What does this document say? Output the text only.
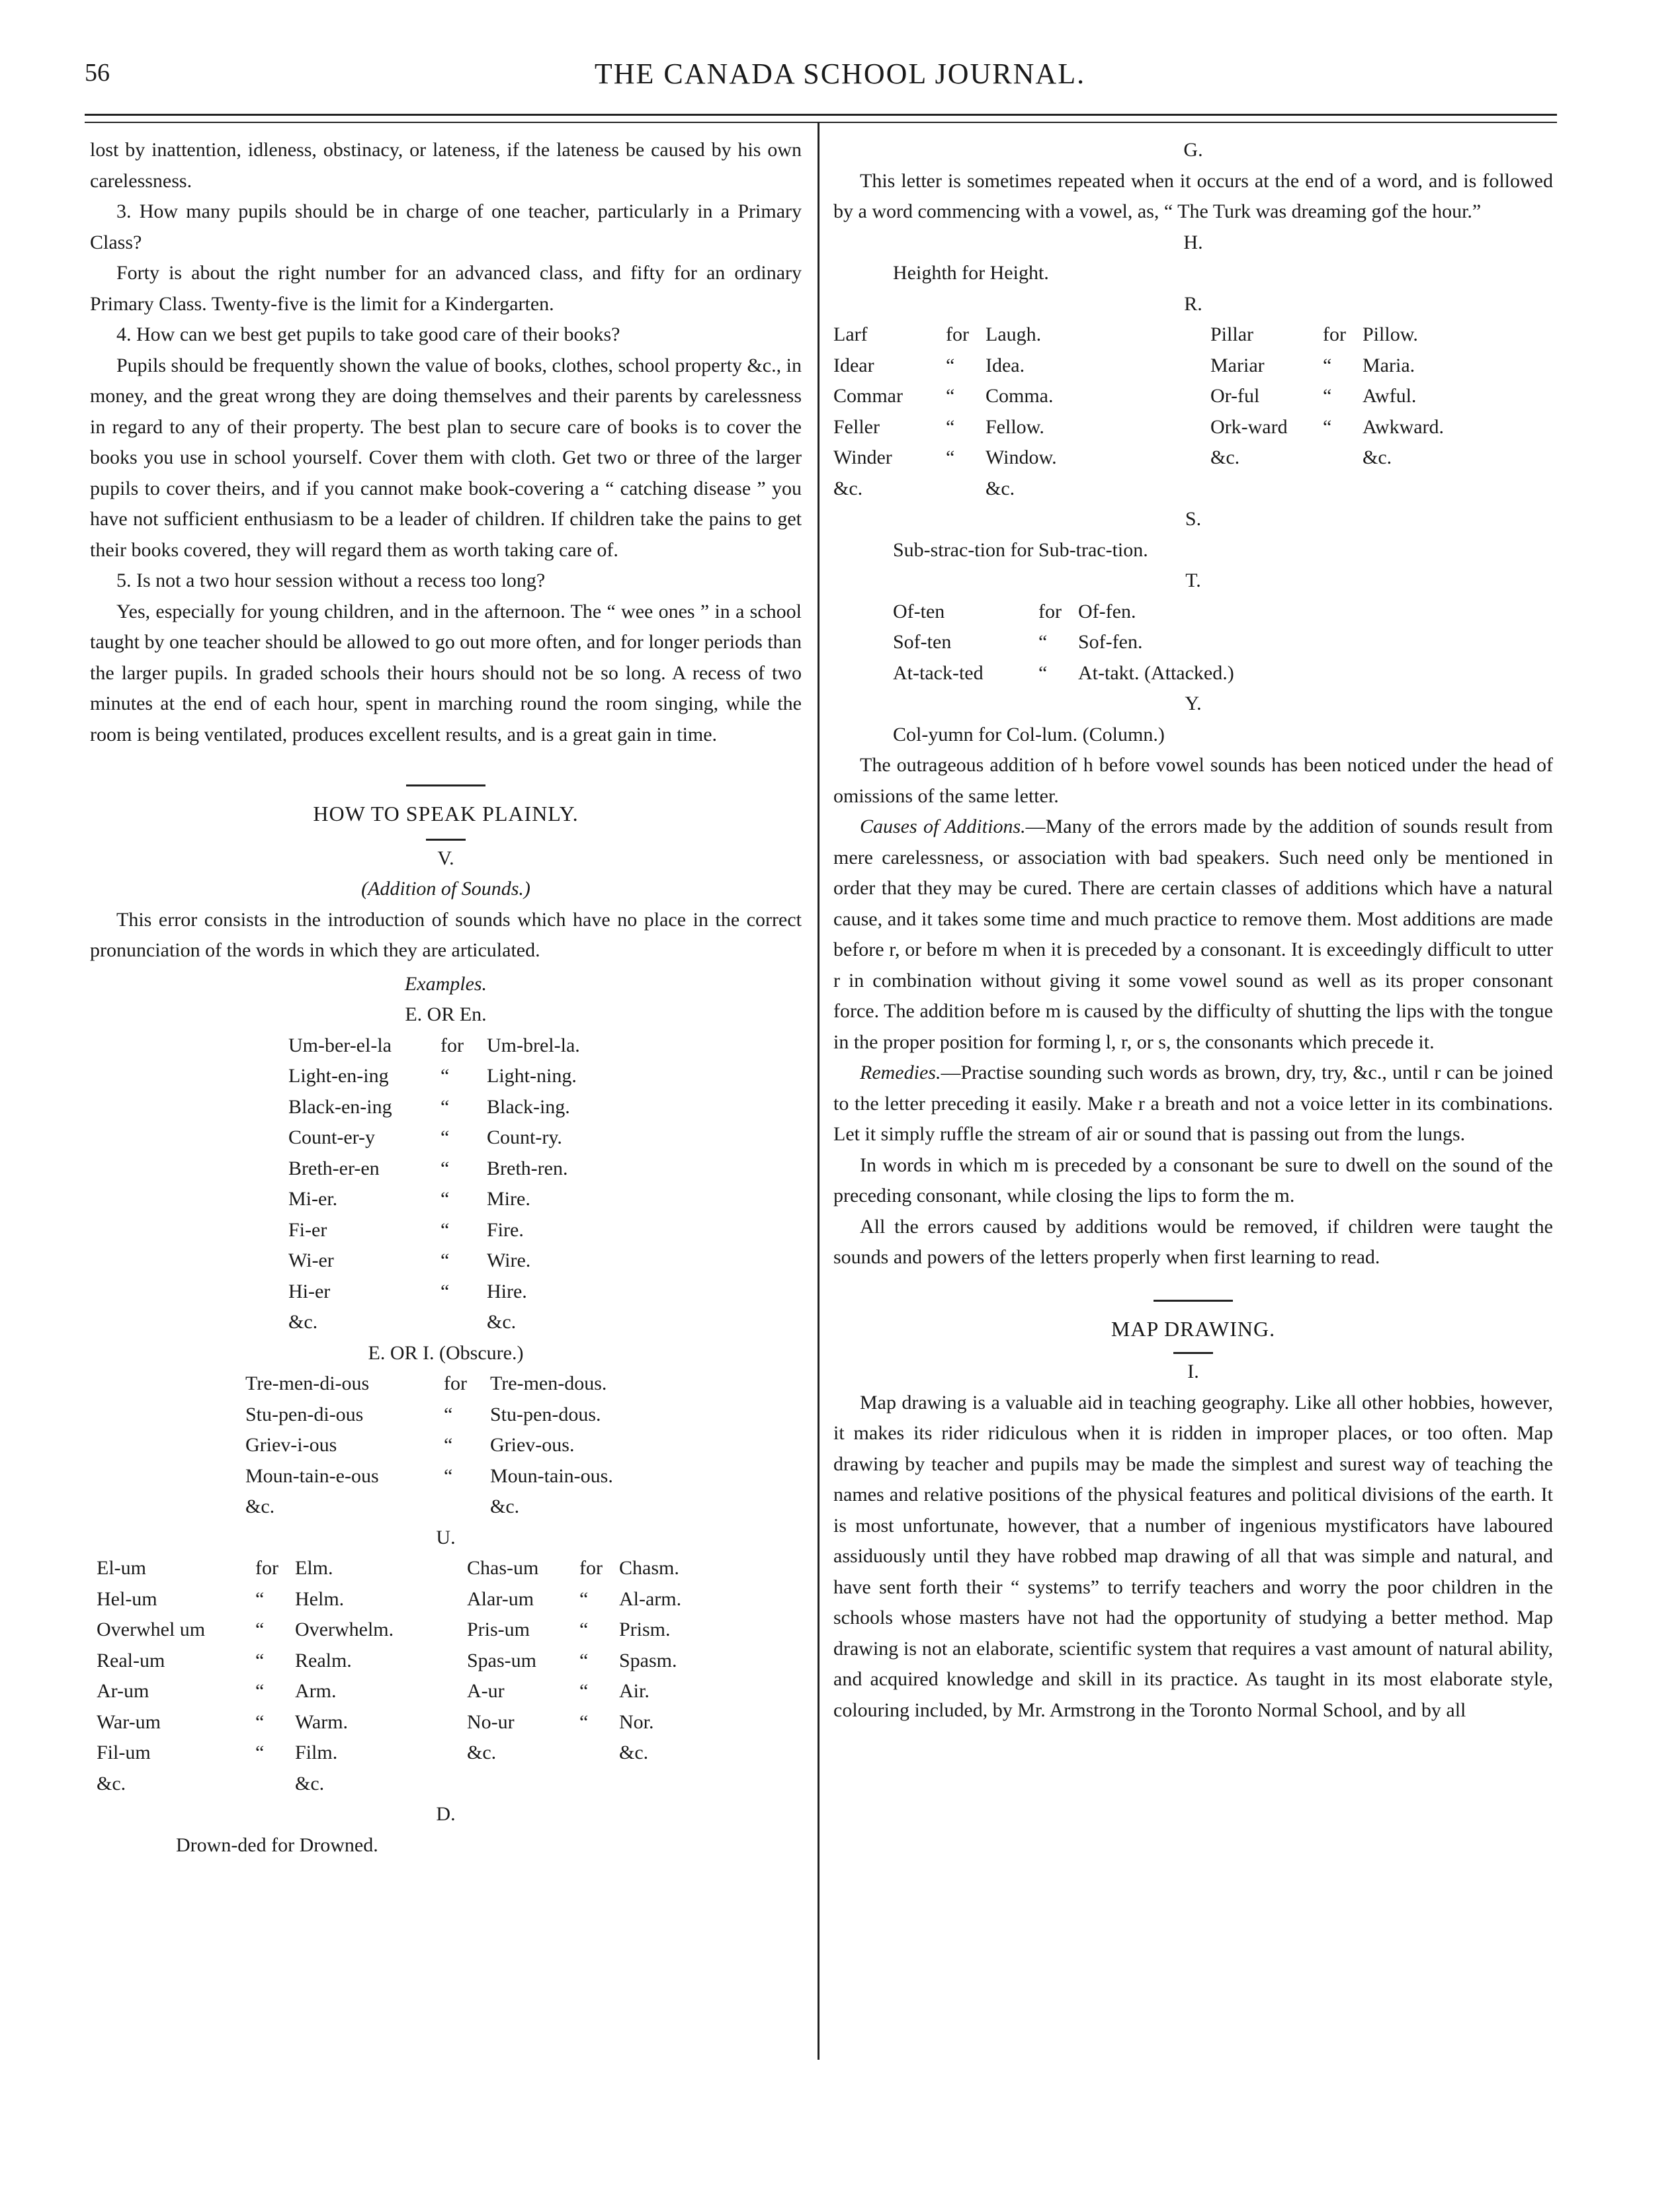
56	THE CANADA SCHOOL JOURNAL.

lost by inattention, idleness, obstinacy, or lateness, if the lateness be caused by his own carelessness.

3. How many pupils should be in charge of one teacher, particularly in a Primary Class?

Forty is about the right number for an advanced class, and fifty for an ordinary Primary Class. Twenty-five is the limit for a Kindergarten.

4. How can we best get pupils to take good care of their books?

Pupils should be frequently shown the value of books, clothes, school property &c., in money, and the great wrong they are doing themselves and their parents by carelessness in regard to any of their property. The best plan to secure care of books is to cover the books you use in school yourself. Cover them with cloth. Get two or three of the larger pupils to cover theirs, and if you cannot make book-covering a “ catching disease ” you have not sufficient enthusiasm to be a leader of children. If children take the pains to get their books covered, they will regard them as worth taking care of.

5. Is not a two hour session without a recess too long?

Yes, especially for young children, and in the afternoon. The “ wee ones ” in a school taught by one teacher should be allowed to go out more often, and for longer periods than the larger pupils. In graded schools their hours should not be so long. A recess of two minutes at the end of each hour, spent in marching round the room singing, while the room is being ventilated, produces excellent results, and is a great gain in time.

HOW TO SPEAK PLAINLY.
V.
(Addition of Sounds.)

This error consists in the introduction of sounds which have no place in the correct pronunciation of the words in which they are articulated.

Examples.
E. OR En.
Um-ber-el-la	for	Um-brel-la.
Light-en-ing	“	Light-ning.
Black-en-ing	“	Black-ing.
Count-er-y	“	Count-ry.
Breth-er-en	“	Breth-ren.
Mi-er.	“	Mire.
Fi-er	“	Fire.
Wi-er	“	Wire.
Hi-er	“	Hire.
&c.		&c.
E. OR I. (Obscure.)
Tre-men-di-ous	for	Tre-men-dous.
Stu-pen-di-ous	“	Stu-pen-dous.
Griev-i-ous	“	Griev-ous.
Moun-tain-e-ous	“	Moun-tain-ous.
&c.		&c.
U.
El-um	for	Elm.	Chas-um	for	Chasm.
Hel-um	“	Helm.	Alar-um	“	Al-arm.
Overwhel um	“	Overwhelm.	Pris-um	“	Prism.
Real-um	“	Realm.	Spas-um	“	Spasm.
Ar-um	“	Arm.	A-ur	“	Air.
War-um	“	Warm.	No-ur	“	Nor.
Fil-um	“	Film.	&c.		&c.
&c.		&c.			
D.
Drown-ded for Drowned.
G.

This letter is sometimes repeated when it occurs at the end of a word, and is followed by a word commencing with a vowel, as, “ The Turk was dreaming gof the hour.”

H.
Heighth for Height.
R.
Larf	for	Laugh.	Pillar	for	Pillow.
Idear	“	Idea.	Mariar	“	Maria.
Commar	“	Comma.	Or-ful	“	Awful.
Feller	“	Fellow.	Ork-ward	“	Awkward.
Winder	“	Window.	&c.		&c.
&c.		&c.			
S.
Sub-strac-tion for Sub-trac-tion.
T.
Of-ten	for	Of-fen.
Sof-ten	“	Sof-fen.
At-tack-ted	“	At-takt. (Attacked.)
Y.
Col-yumn for Col-lum. (Column.)

The outrageous addition of h before vowel sounds has been noticed under the head of omissions of the same letter.

Causes of Additions.—Many of the errors made by the addition of sounds result from mere carelessness, or association with bad speakers. Such need only be mentioned in order that they may be cured. There are certain classes of additions which have a natural cause, and it takes some time and much practice to remove them. Most additions are made before r, or before m when it is preceded by a consonant. It is exceedingly difficult to utter r in combination without giving it some vowel sound as well as its proper consonant force. The addition before m is caused by the difficulty of shutting the lips with the tongue in the proper position for forming l, r, or s, the consonants which precede it.

Remedies.—Practise sounding such words as brown, dry, try, &c., until r can be joined to the letter preceding it easily. Make r a breath and not a voice letter in its combinations. Let it simply ruffle the stream of air or sound that is passing out from the lungs.

In words in which m is preceded by a consonant be sure to dwell on the sound of the preceding consonant, while closing the lips to form the m.

All the errors caused by additions would be removed, if children were taught the sounds and powers of the letters properly when first learning to read.

MAP DRAWING.
I.

Map drawing is a valuable aid in teaching geography. Like all other hobbies, however, it makes its rider ridiculous when it is ridden in improper places, or too often. Map drawing by teacher and pupils may be made the simplest and surest way of teaching the names and relative positions of the physical features and political divisions of the earth. It is most unfortunate, however, that a number of ingenious mystificators have laboured assiduously until they have robbed map drawing of all that was simple and natural, and have sent forth their “ systems” to terrify teachers and worry the poor children in the schools whose masters have not had the opportunity of studying a better method. Map drawing is not an elaborate, scientific system that requires a vast amount of natural ability, and acquired knowledge and skill in its practice. As taught in its most elaborate style, colouring included, by Mr. Armstrong in the Toronto Normal School, and by all
